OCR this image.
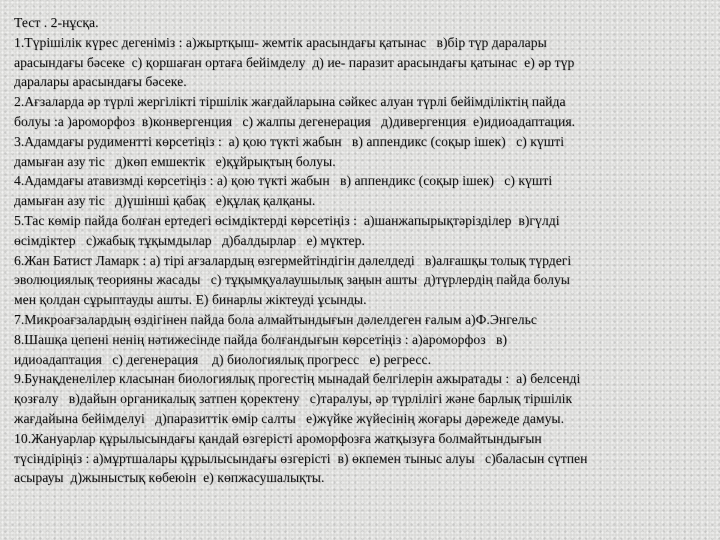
Тест . 2-нұсқа.
1.Түрішілік күрес дегеніміз : а)жыртқыш- жемтік арасындағы қатынас   в)бір түр даралары
арасындағы бәсеке  с) қоршаған ортаға бейімделу  д) ие- паразит арасындағы қатынас  е) әр түр
даралары арасындағы бәсеке.
2.Ағзаларда әр түрлі жергілікті тіршілік жағдайларына сәйкес алуан түрлі бейімділіктің пайда
болуы :а )ароморфоз  в)конвергенция   с) жалпы дегенерация   д)дивергенция  е)идиоадаптация.
3.Адамдағы рудиментті көрсетіңіз :  а) қою түкті жабын   в) аппендикс (соқыр ішек)   с) күшті
дамыған азу тіс   д)көп емшектік   е)құйрықтың болуы.
4.Адамдағы атавизмді көрсетіңіз : а) қою түкті жабын   в) аппендикс (соқыр ішек)   с) күшті
дамыған азу тіс   д)үшінші қабақ   е)құлақ қалқаны.
5.Тас көмір пайда болған ертедегі өсімдіктерді көрсетіңіз :  а)шанжапырықтәрізділер  в)гүлді
өсімдіктер   с)жабық тұқымдылар   д)балдырлар   е) мүктер.
6.Жан Батист Ламарк : а) тірі ағзалардың өзгермейтіндігін дәлелдеді   в)алғашқы толық түрдегі
эволюциялық теорияны жасады   с) тұқымқуалаушылық заңын ашты  д)түрлердің пайда болуы
мен қолдан сұрыптауды ашты. Е) бинарлы жіктеуді ұсынды.
7.Микроағзалардың өздігінен пайда бола алмайтындығын дәлелдеген ғалым а)Ф.Энгельс
8.Шашқа цепені ненің нәтижесінде пайда болғандығын көрсетіңіз : а)ароморфоз   в)
идиоадаптация   с) дегенерация    д) биологиялық прогресс   е) регресс.
9.Бунақденелілер класынан биологиялық прогестің мынадай белгілерін ажыратады :  а) белсенді
қозғалу   в)дайын органикалық затпен қоректену   с)таралуы, әр түрлілігі және барлық тіршілік
жағдайына бейімделуі   д)паразиттік өмір салты   е)жүйке жүйесінің жоғары дәрежеде дамуы.
10.Жануарлар құрылысындағы қандай өзгерісті ароморфозға жатқызуға болмайтындығын
түсіндіріңіз : а)мұртшалары құрылысындағы өзгерісті  в) өкпемен тыныс алуы   с)баласын сүтпен
асырауы  д)жыныстық көбеюін  е) көпжасушалықты.
